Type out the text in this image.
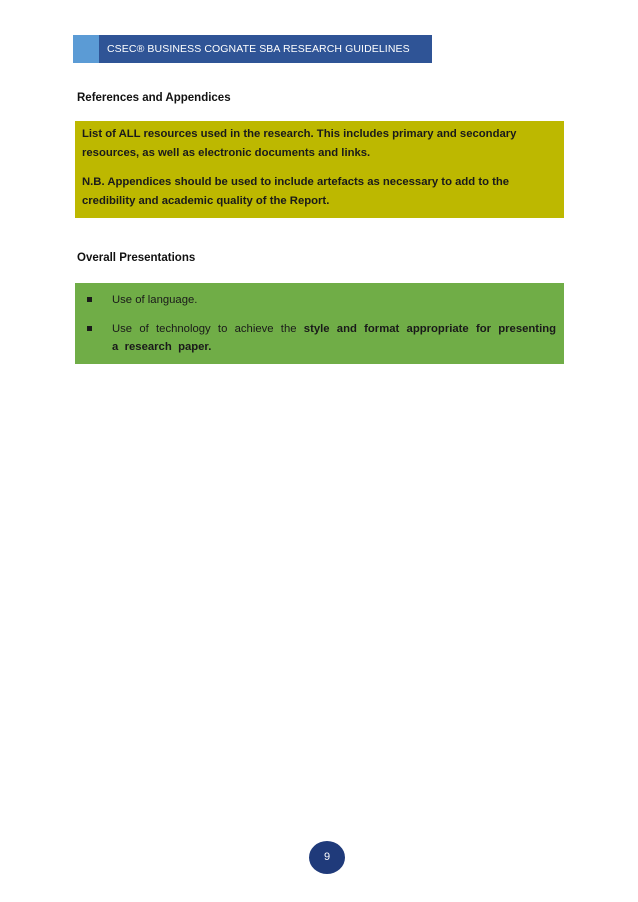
CSEC® BUSINESS COGNATE SBA RESEARCH GUIDELINES
References and Appendices

List of ALL resources used in the research. This includes primary and secondary resources, as well as electronic documents and links.

N.B. Appendices should be used to include artefacts as necessary to add to the credibility and academic quality of the Report.

Overall Presentations
Use of language.
Use of technology to achieve the style and format appropriate for presenting a research paper.
9
